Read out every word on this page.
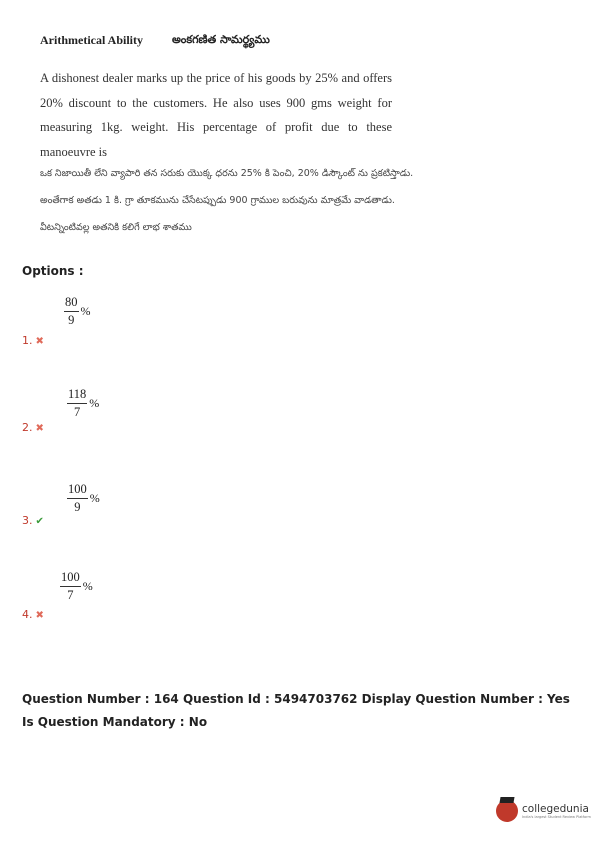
Arithmetical Ability	అంకగణిత సామర్థ్యము
A dishonest dealer marks up the price of his goods by 25% and offers 20% discount to the customers. He also uses 900 gms weight for measuring 1kg. weight. His percentage of profit due to these manoeuvre is
ఒక నిజాయితీ లేని వ్యాపారి తన సరుకు యొక్క ధరను 25% కి పెంచి, 20% డిస్కౌంట్ ను ప్రకటిస్తాడు. అంతేగాక అతడు 1 కి. గ్రా తూకమును చేసేటప్పుడు 900 గ్రాముల బరువును మాత్రమే వాడతాడు. వీటన్నింటివల్ల అతనికి కలిగే లాభ శాతము
Options :
$\frac{80}{9}$ %
1. ✖
$\frac{118}{7}$ %
2. ✖
$\frac{100}{9}$ %
3. ✔
$\frac{100}{7}$ %
4. ✖
Question Number : 164 Question Id : 5494703762 Display Question Number : Yes Is Question Mandatory : No
collegedunia
India's largest Student Review Platform
